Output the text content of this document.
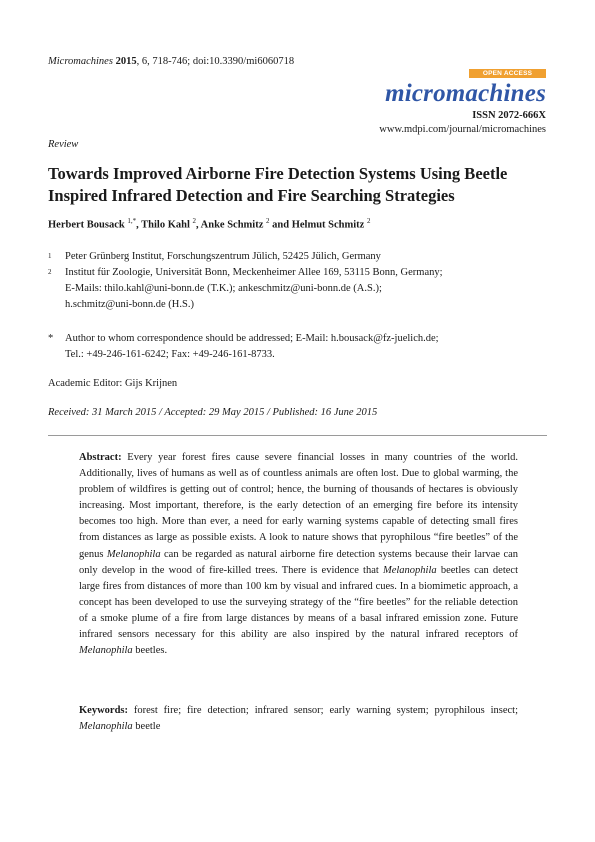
Micromachines 2015, 6, 718-746; doi:10.3390/mi6060718
OPEN ACCESS
micromachines
ISSN 2072-666X
www.mdpi.com/journal/micromachines
Review
Towards Improved Airborne Fire Detection Systems Using Beetle Inspired Infrared Detection and Fire Searching Strategies
Herbert Bousack $^{1,*}$, Thilo Kahl $^2$, Anke Schmitz $^2$ and Helmut Schmitz $^2$
1 Peter Grünberg Institut, Forschungszentrum Jülich, 52425 Jülich, Germany
2 Institut für Zoologie, Universität Bonn, Meckenheimer Allee 169, 53115 Bonn, Germany;
E-Mails: thilo.kahl@uni-bonn.de (T.K.); ankeschmitz@uni-bonn.de (A.S.);
h.schmitz@uni-bonn.de (H.S.)
* Author to whom correspondence should be addressed; E-Mail: h.bousack@fz-juelich.de;
Tel.: +49-246-161-6242; Fax: +49-246-161-8733.
Academic Editor: Gijs Krijnen
Received: 31 March 2015 / Accepted: 29 May 2015 / Published: 16 June 2015
Abstract: Every year forest fires cause severe financial losses in many countries of the world. Additionally, lives of humans as well as of countless animals are often lost. Due to global warming, the problem of wildfires is getting out of control; hence, the burning of thousands of hectares is obviously increasing. Most important, therefore, is the early detection of an emerging fire before its intensity becomes too high. More than ever, a need for early warning systems capable of detecting small fires from distances as large as possible exists. A look to nature shows that pyrophilous “fire beetles” of the genus Melanophila can be regarded as natural airborne fire detection systems because their larvae can only develop in the wood of fire-killed trees. There is evidence that Melanophila beetles can detect large fires from distances of more than 100 km by visual and infrared cues. In a biomimetic approach, a concept has been developed to use the surveying strategy of the “fire beetles” for the reliable detection of a smoke plume of a fire from large distances by means of a basal infrared emission zone. Future infrared sensors necessary for this ability are also inspired by the natural infrared receptors of Melanophila beetles.
Keywords: forest fire; fire detection; infrared sensor; early warning system; pyrophilous insect; Melanophila beetle
